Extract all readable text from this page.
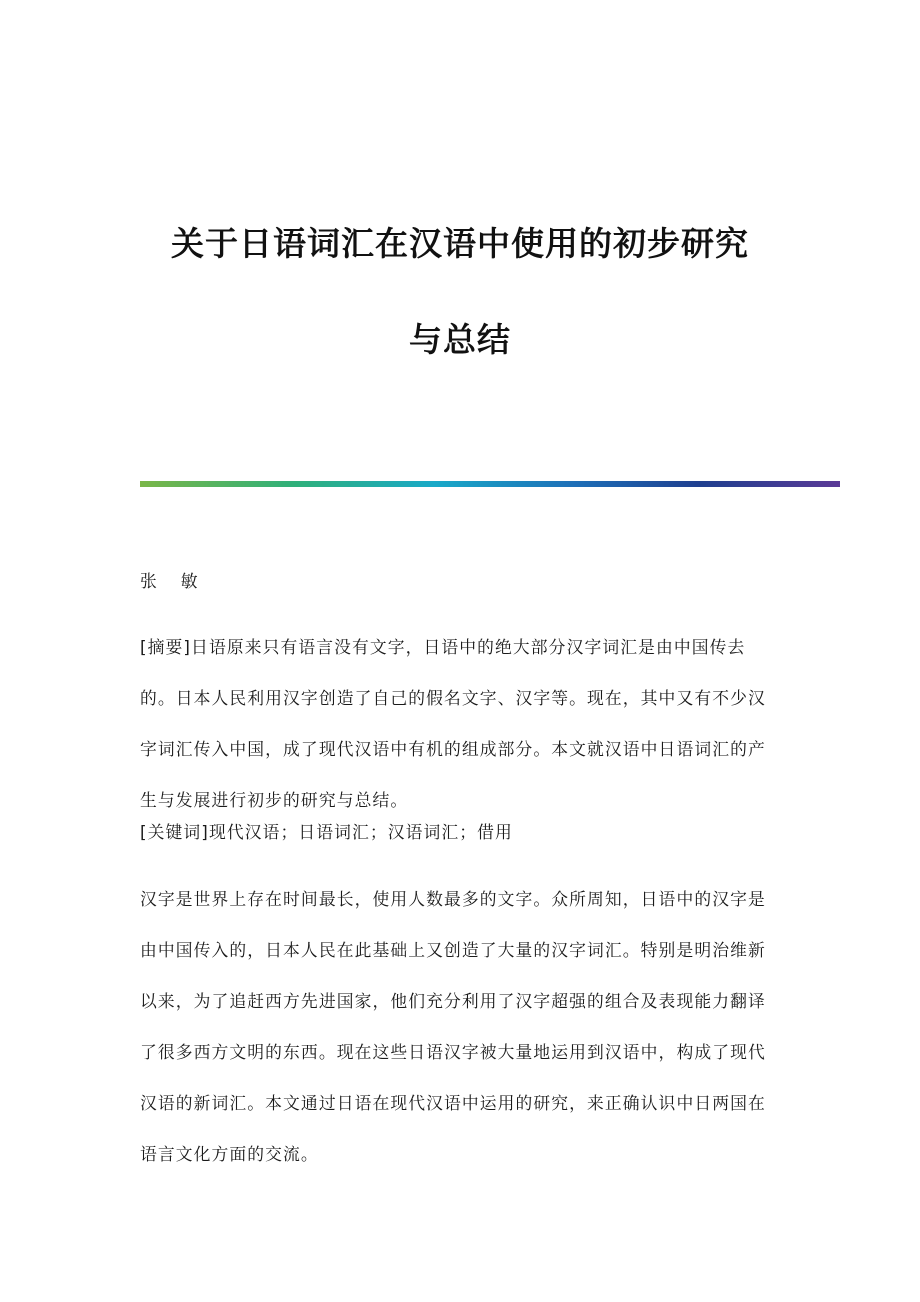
关于日语词汇在汉语中使用的初步研究
与总结
张 敏

[摘要]日语原来只有语言没有文字，日语中的绝大部分汉字词汇是由中国传去的。日本人民利用汉字创造了自己的假名文字、汉字等。现在，其中又有不少汉字词汇传入中国，成了现代汉语中有机的组成部分。本文就汉语中日语词汇的产生与发展进行初步的研究与总结。

[关键词]现代汉语；日语词汇；汉语词汇；借用

汉字是世界上存在时间最长，使用人数最多的文字。众所周知，日语中的汉字是由中国传入的，日本人民在此基础上又创造了大量的汉字词汇。特别是明治维新以来，为了追赶西方先进国家，他们充分利用了汉字超强的组合及表现能力翻译了很多西方文明的东西。现在这些日语汉字被大量地运用到汉语中，构成了现代汉语的新词汇。本文通过日语在现代汉语中运用的研究，来正确认识中日两国在语言文化方面的交流。
